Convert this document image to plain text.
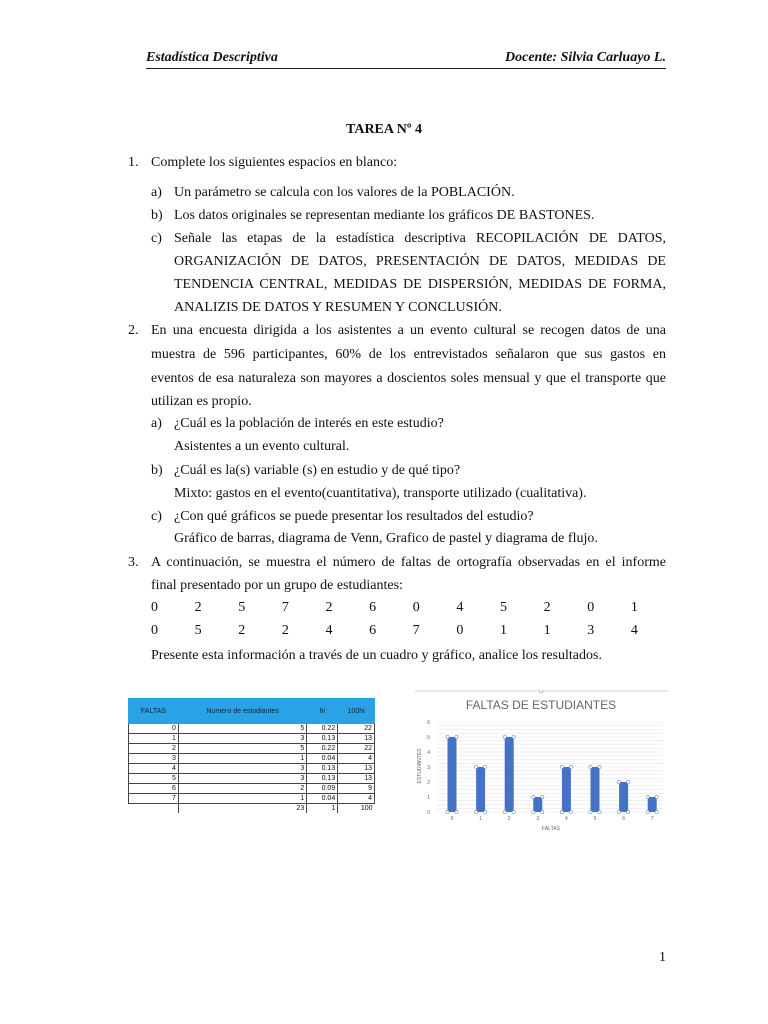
Estadística Descriptiva	Docente: Silvia Carluayo L.
TAREA Nº 4
1. Complete los siguientes espacios en blanco:
a) Un parámetro se calcula con los valores de la POBLACIÓN.
b) Los datos originales se representan mediante los gráficos DE BASTONES.
c) Señale las etapas de la estadística descriptiva RECOPILACIÓN DE DATOS,
ORGANIZACIÓN DE DATOS, PRESENTACIÓN DE DATOS, MEDIDAS DE
TENDENCIA CENTRAL, MEDIDAS DE DISPERSIÓN, MEDIDAS DE FORMA,
ANALIZIS DE DATOS Y RESUMEN Y CONCLUSIÓN.
2. En una encuesta dirigida a los asistentes a un evento cultural se recogen datos de una
muestra de 596 participantes, 60% de los entrevistados señalaron que sus gastos en
eventos de esa naturaleza son mayores a doscientos soles mensual y que el transporte que
utilizan es propio.
a) ¿Cuál es la población de interés en este estudio?
Asistentes a un evento cultural.
b) ¿Cuál es la(s) variable (s) en estudio y de qué tipo?
Mixto: gastos en el evento(cuantitativa), transporte utilizado (cualitativa).
c) ¿Con qué gráficos se puede presentar los resultados del estudio?
Gráfico de barras, diagrama de Venn, Grafico de pastel y diagrama de flujo.
3. A continuación, se muestra el número de faltas de ortografía observadas en el informe
final presentado por un grupo de estudiantes:
0	2	5	7	2	6	0	4	5	2	0	1
0	5	2	2	4	6	7	0	1	1	3	4
Presente esta información a través de un cuadro y gráfico, analice los resultados.
FALTAS	Numero de estudiantes	hi	100hi
0	5	0.22	22
1	3	0.13	13
2	5	0.22	22
3	1	0.04	4
4	3	0.13	13
5	3	0.13	13
6	2	0.09	9
7	1	0.04	4
	23	1	100
FALTAS DE ESTUDIANTES
0
1
2
3
4
5
6
0	1	2	3	4	5	6	7
FALTAS
ESTUDIANTES
1
